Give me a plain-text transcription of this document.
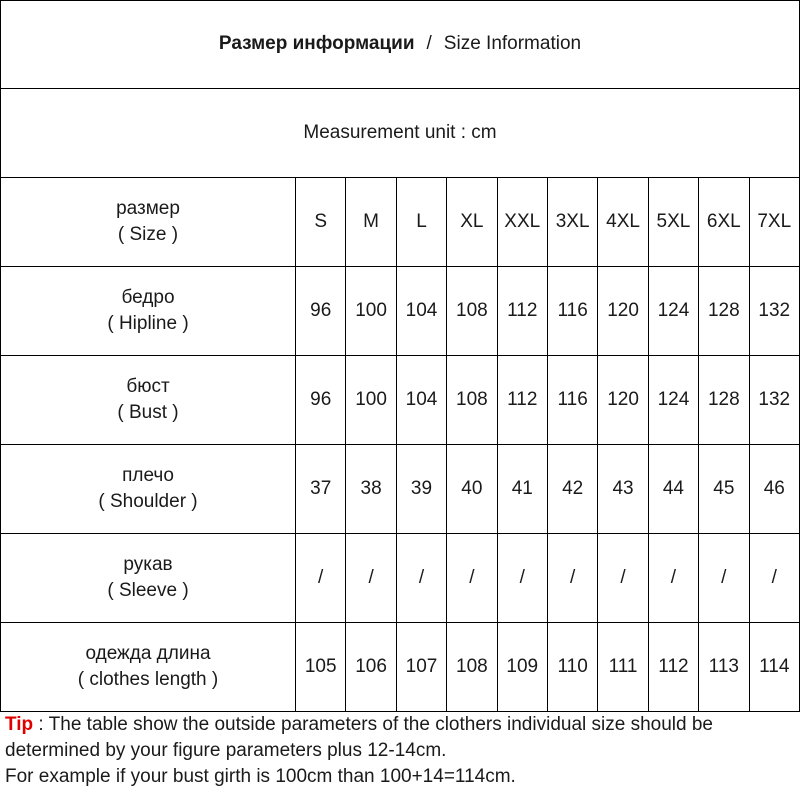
Размер информации / Size Information
Measurement unit : cm
размер
( Size )	S	M	L	XL	XXL	3XL	4XL	5XL	6XL	7XL

бедро
( Hipline )	96	100	104	108	112	116	120	124	128	132

бюст
( Bust )	96	100	104	108	112	116	120	124	128	132

плечо
( Shoulder )	37	38	39	40	41	42	43	44	45	46

рукав
( Sleeve )	/	/	/	/	/	/	/	/	/	/

одежда длина
( clothes length )	105	106	107	108	109	110	111	112	113	114
Tip : The table show the outside parameters of the clothers individual size should be determined by your figure parameters plus 12-14cm.
For example if your bust girth is 100cm than 100+14=114cm.
